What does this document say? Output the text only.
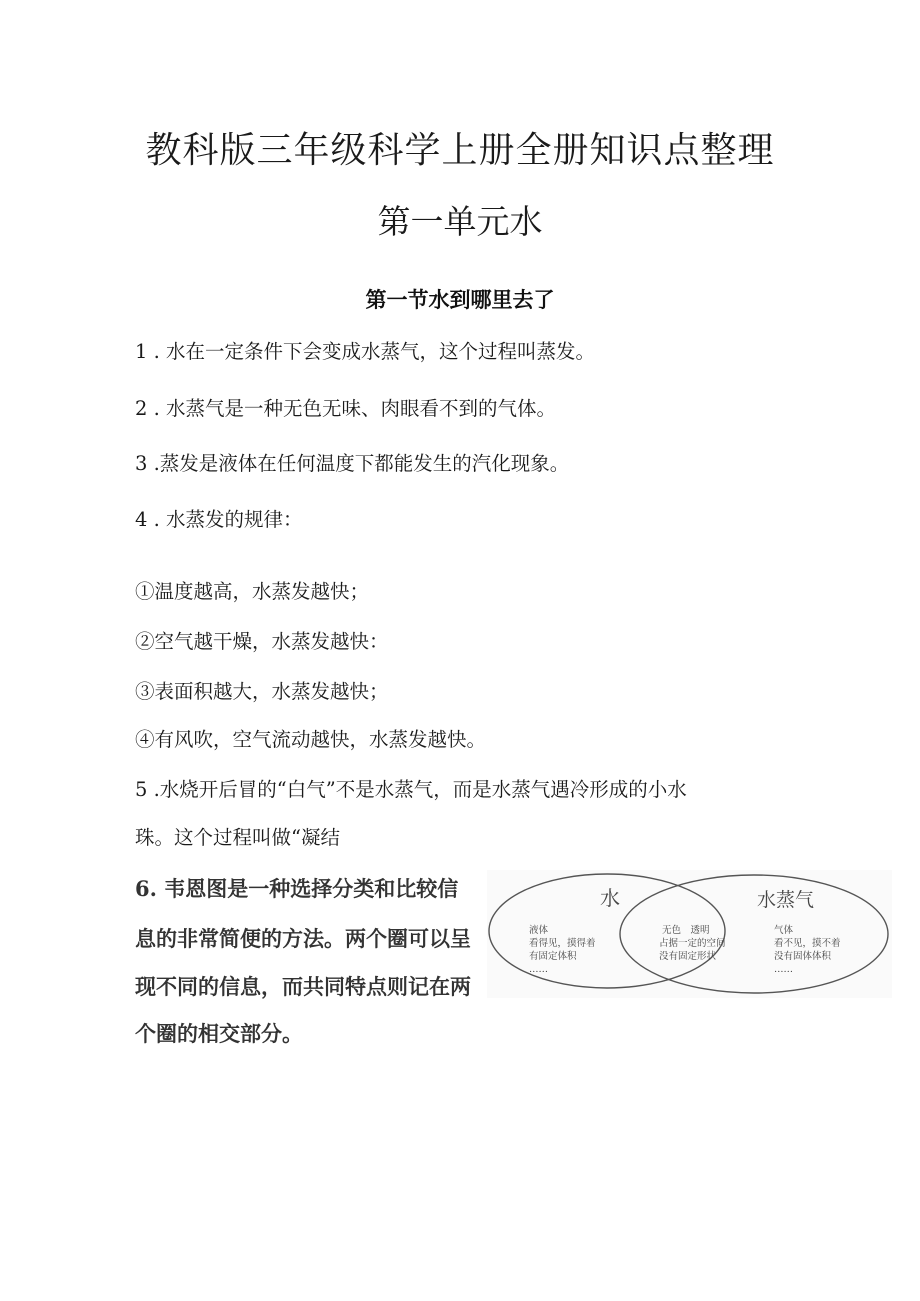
教科版三年级科学上册全册知识点整理
第一单元水
第一节水到哪里去了
1 . 水在一定条件下会变成水蒸气，这个过程叫蒸发。
2 . 水蒸气是一种无色无味、肉眼看不到的气体。
3 .蒸发是液体在任何温度下都能发生的汽化现象。
4 . 水蒸发的规律：
①温度越高，水蒸发越快；
②空气越干燥，水蒸发越快：
③表面积越大，水蒸发越快；
④有风吹，空气流动越快，水蒸发越快。
5 .水烧开后冒的“白气”不是水蒸气，而是水蒸气遇冷形成的小水
珠。这个过程叫做“凝结
6. 韦恩图是一种选择分类和比较信
息的非常简便的方法。两个圈可以呈
现不同的信息，而共同特点则记在两
个圈的相交部分。
水	水蒸气
液体
看得见，摸得着
有固定体积
……
无色　透明
占据一定的空间
没有固定形状
气体
看不见，摸不着
没有固体体积
……
